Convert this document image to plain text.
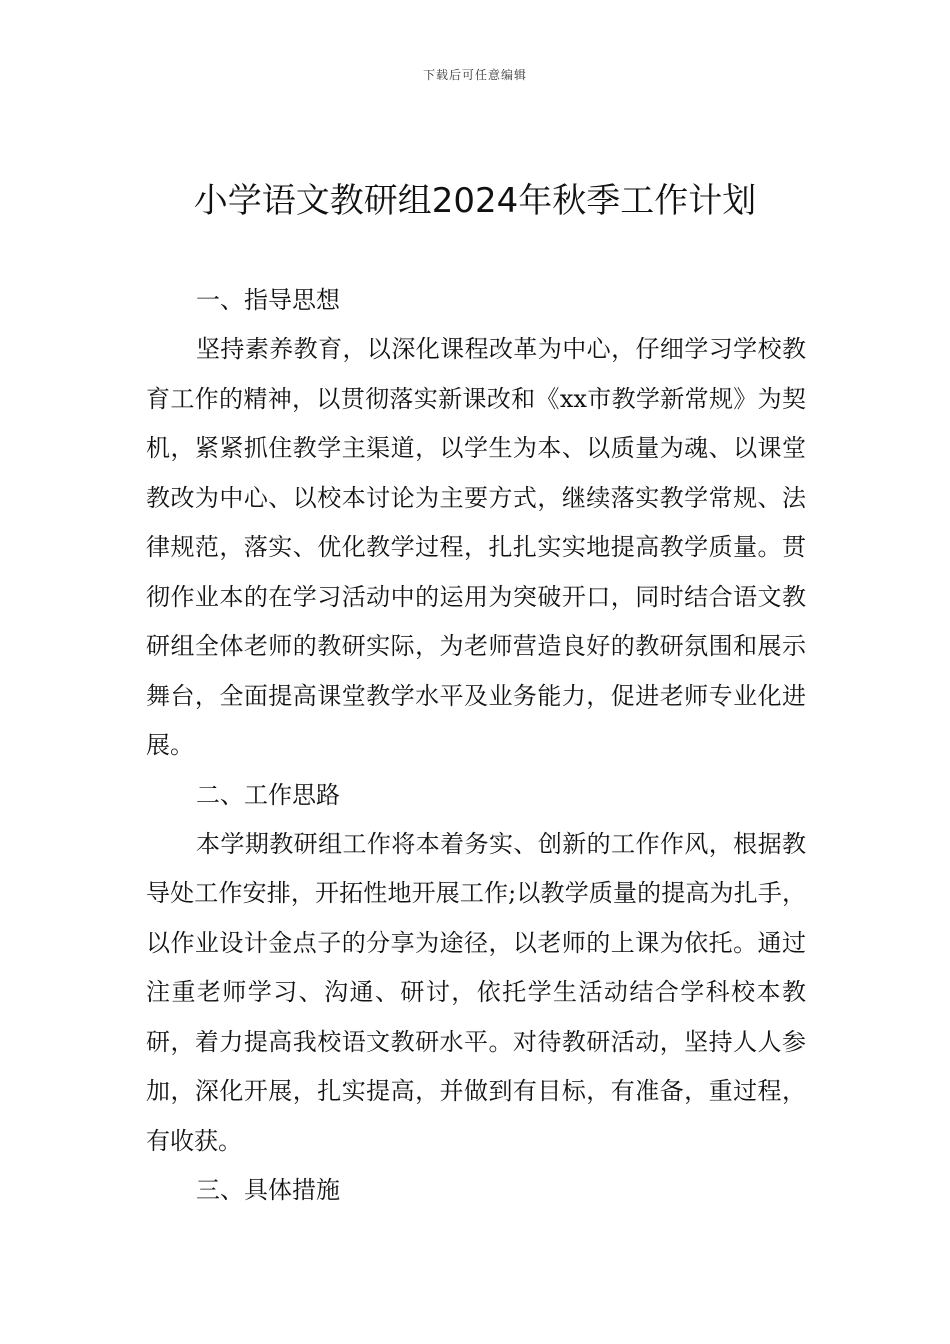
下载后可任意编辑
小学语文教研组2024年秋季工作计划

一、指导思想

坚持素养教育，以深化课程改革为中心，仔细学习学校教育工作的精神，以贯彻落实新课改和《xx市教学新常规》为契机，紧紧抓住教学主渠道，以学生为本、以质量为魂、以课堂教改为中心、以校本讨论为主要方式，继续落实教学常规、法律规范，落实、优化教学过程，扎扎实实地提高教学质量。贯彻作业本的在学习活动中的运用为突破开口，同时结合语文教研组全体老师的教研实际，为老师营造良好的教研氛围和展示舞台，全面提高课堂教学水平及业务能力，促进老师专业化进展。

二、工作思路

本学期教研组工作将本着务实、创新的工作作风，根据教导处工作安排，开拓性地开展工作;以教学质量的提高为扎手，以作业设计金点子的分享为途径，以老师的上课为依托。通过注重老师学习、沟通、研讨，依托学生活动结合学科校本教研，着力提高我校语文教研水平。对待教研活动，坚持人人参加，深化开展，扎实提高，并做到有目标，有准备，重过程，有收获。

三、具体措施
